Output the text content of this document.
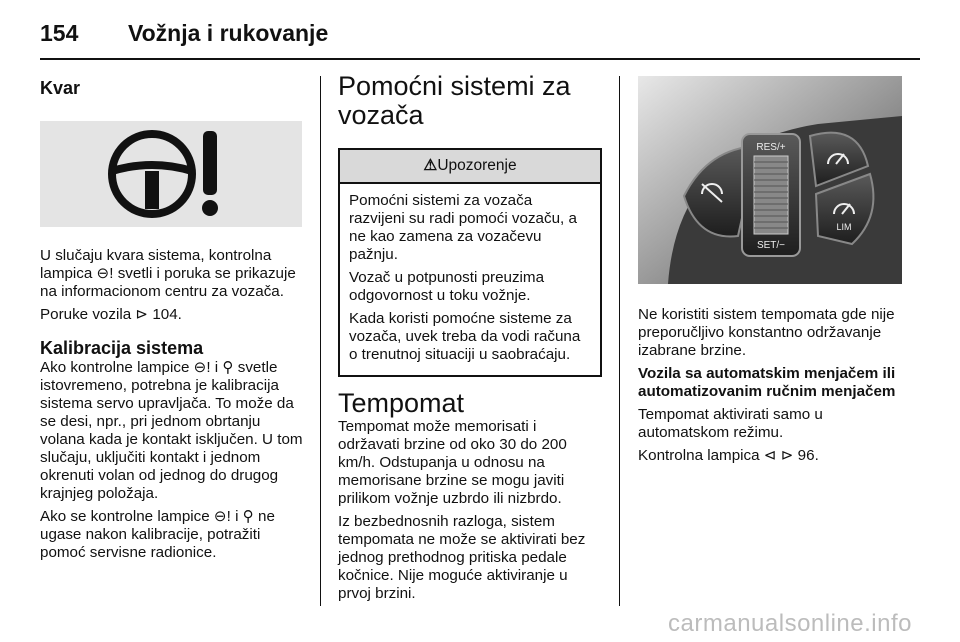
154 Vožnja i rukovanje
Kvar

U slučaju kvara sistema, kontrolna lampica ⊖! svetli i poruka se prikazuje na informacionom centru za vozača.

Poruke vozila ⊳ 104.

Kalibracija sistema

Ako kontrolne lampice ⊖! i ⚲ svetle istovremeno, potrebna je kalibracija sistema servo upravljača. To može da se desi, npr., pri jednom obrtanju volana kada je kontakt isključen. U tom slučaju, uključiti kontakt i jednom okrenuti volan od jednog do drugog krajnjeg položaja.

Ako se kontrolne lampice ⊖! i ⚲ ne ugase nakon kalibracije, potražiti pomoć servisne radionice.

Pomoćni sistemi za vozača
⚠Upozorenje

Pomoćni sistemi za vozača razvijeni su radi pomoći vozaču, a ne kao zamena za vozačevu pažnju.

Vozač u potpunosti preuzima odgovornost u toku vožnje.

Kada koristi pomoćne sisteme za vozača, uvek treba da vodi računa o trenutnoj situaciji u saobraćaju.

Tempomat

Tempomat može memorisati i održavati brzine od oko 30 do 200 km/h. Odstupanja u odnosu na memorisane brzine se mogu javiti prilikom vožnje uzbrdo ili nizbrdo.

Iz bezbednosnih razloga, sistem tempomata ne može se aktivirati bez jednog prethodnog pritiska pedale kočnice. Nije moguće aktiviranje u prvoj brzini.

RES/+
SET/−
LIM

Ne koristiti sistem tempomata gde nije preporučljivo konstantno održavanje izabrane brzine.

Vozila sa automatskim menjačem ili automatizovanim ručnim menjačem

Tempomat aktivirati samo u automatskom režimu.

Kontrolna lampica ⊲ ⊳ 96.

carmanualsonline.info
